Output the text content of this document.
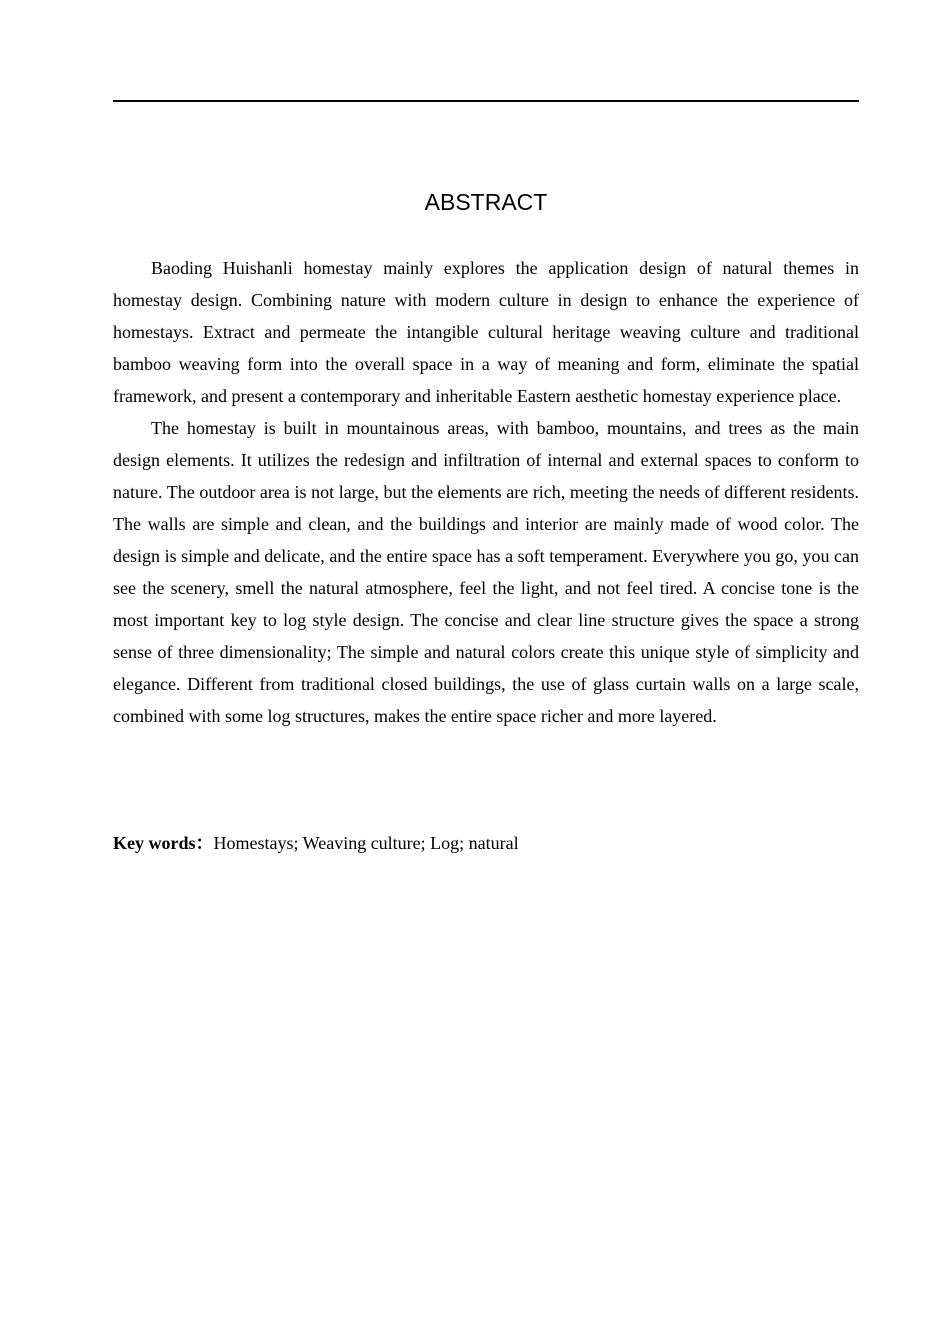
ABSTRACT

Baoding Huishanli homestay mainly explores the application design of natural themes in homestay design. Combining nature with modern culture in design to enhance the experience of homestays. Extract and permeate the intangible cultural heritage weaving culture and traditional bamboo weaving form into the overall space in a way of meaning and form, eliminate the spatial framework, and present a contemporary and inheritable Eastern aesthetic homestay experience place.

The homestay is built in mountainous areas, with bamboo, mountains, and trees as the main design elements. It utilizes the redesign and infiltration of internal and external spaces to conform to nature. The outdoor area is not large, but the elements are rich, meeting the needs of different residents. The walls are simple and clean, and the buildings and interior are mainly made of wood color. The design is simple and delicate, and the entire space has a soft temperament. Everywhere you go, you can see the scenery, smell the natural atmosphere, feel the light, and not feel tired. A concise tone is the most important key to log style design. The concise and clear line structure gives the space a strong sense of three dimensionality; The simple and natural colors create this unique style of simplicity and elegance. Different from traditional closed buildings, the use of glass curtain walls on a large scale, combined with some log structures, makes the entire space richer and more layered.

Key words：Homestays; Weaving culture; Log; natural
